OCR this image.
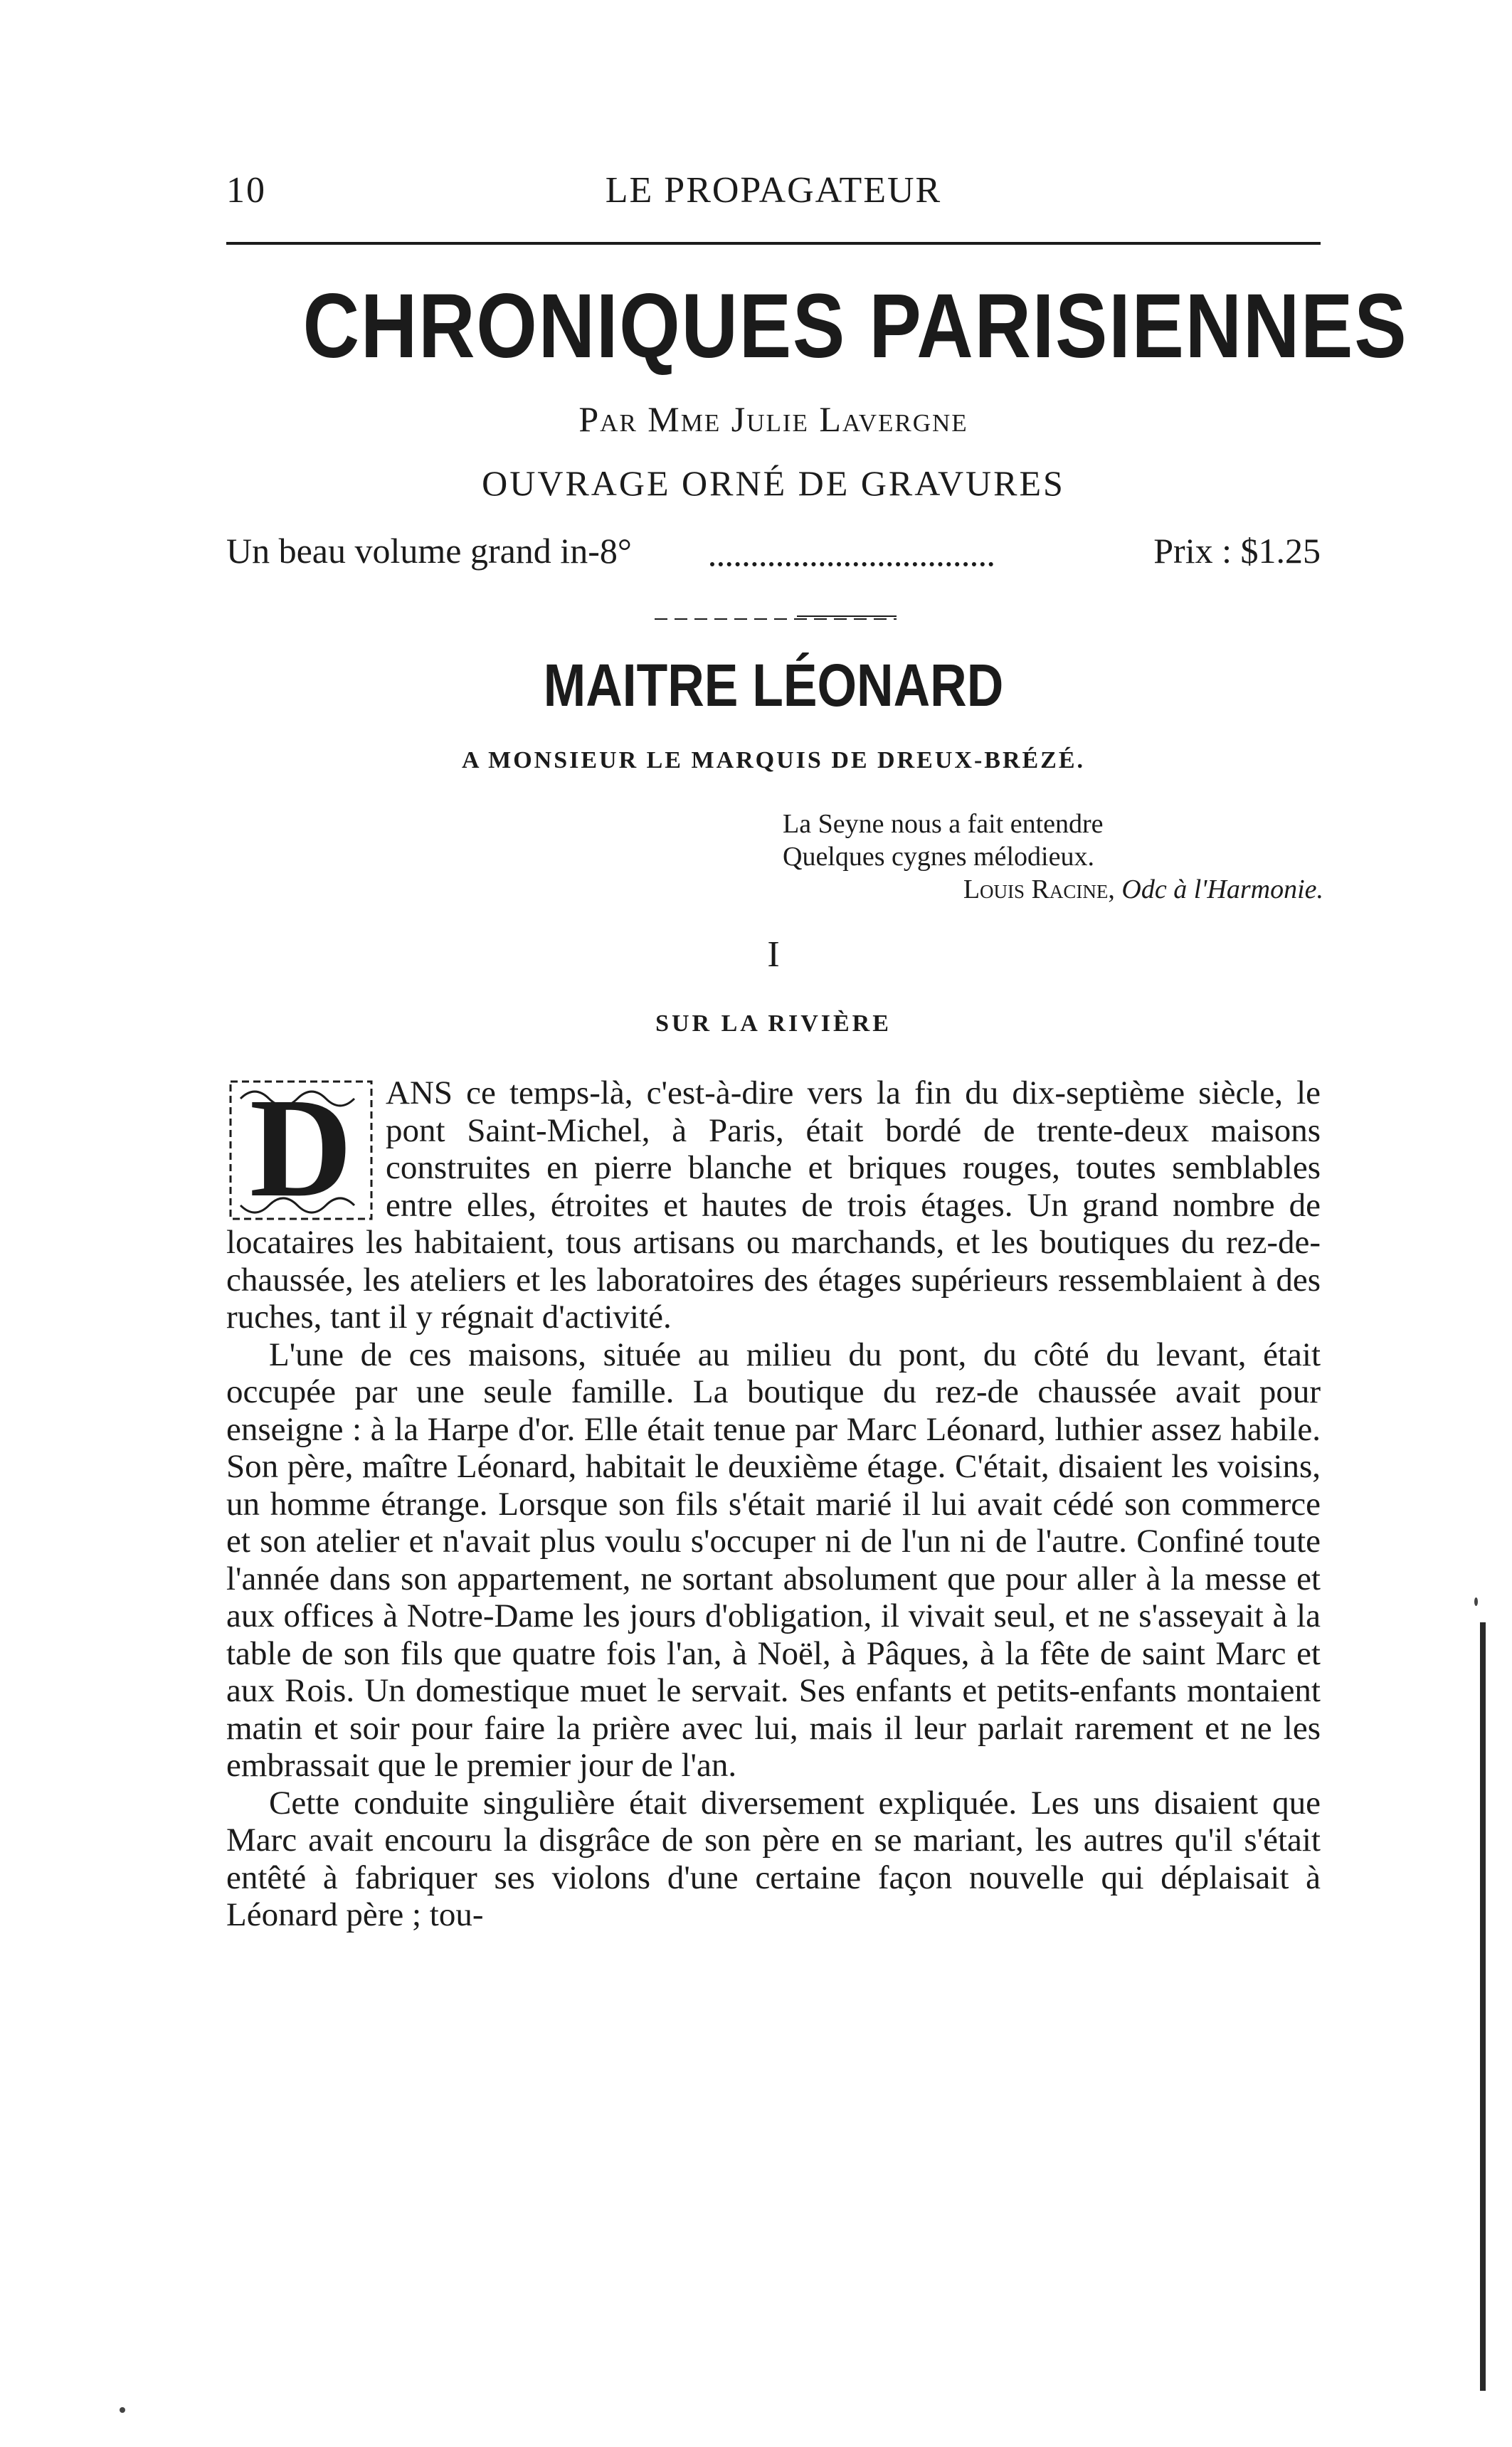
10	LE PROPAGATEUR
CHRONIQUES PARISIENNES
Par Mme Julie Lavergne
OUVRAGE ORNÉ DE GRAVURES
Un beau volume grand in-8°	Prix : $1.25
MAITRE LÉONARD
A MONSIEUR LE MARQUIS DE DREUX-BRÉZÉ.
La Seyne nous a fait entendre
Quelques cygnes mélodieux.
Louis Racine, Odc à l'Harmonie.
I
SUR LA RIVIÈRE
D ANS ce temps-là, c'est-à-dire vers la fin du dix-septième siècle, le pont Saint-Michel, à Paris, était bordé de trente-deux maisons construites en pierre blanche et briques rouges, toutes semblables entre elles, étroites et hautes de trois étages. Un grand nombre de locataires les habitaient, tous artisans ou marchands, et les boutiques du rez-de-chaussée, les ateliers et les laboratoires des étages supérieurs ressemblaient à des ruches, tant il y régnait d'activité.

L'une de ces maisons, située au milieu du pont, du côté du levant, était occupée par une seule famille. La boutique du rez-de chaussée avait pour enseigne : à la Harpe d'or. Elle était tenue par Marc Léonard, luthier assez habile. Son père, maître Léonard, habitait le deuxième étage. C'était, disaient les voisins, un homme étrange. Lorsque son fils s'était marié il lui avait cédé son commerce et son atelier et n'avait plus voulu s'occuper ni de l'un ni de l'autre. Confiné toute l'année dans son appartement, ne sortant absolument que pour aller à la messe et aux offices à Notre-Dame les jours d'obligation, il vivait seul, et ne s'asseyait à la table de son fils que quatre fois l'an, à Noël, à Pâques, à la fête de saint Marc et aux Rois. Un domestique muet le servait. Ses enfants et petits-enfants montaient matin et soir pour faire la prière avec lui, mais il leur parlait rarement et ne les embrassait que le premier jour de l'an.

Cette conduite singulière était diversement expliquée. Les uns disaient que Marc avait encouru la disgrâce de son père en se mariant, les autres qu'il s'était entêté à fabriquer ses violons d'une certaine façon nouvelle qui déplaisait à Léonard père ; tou-
